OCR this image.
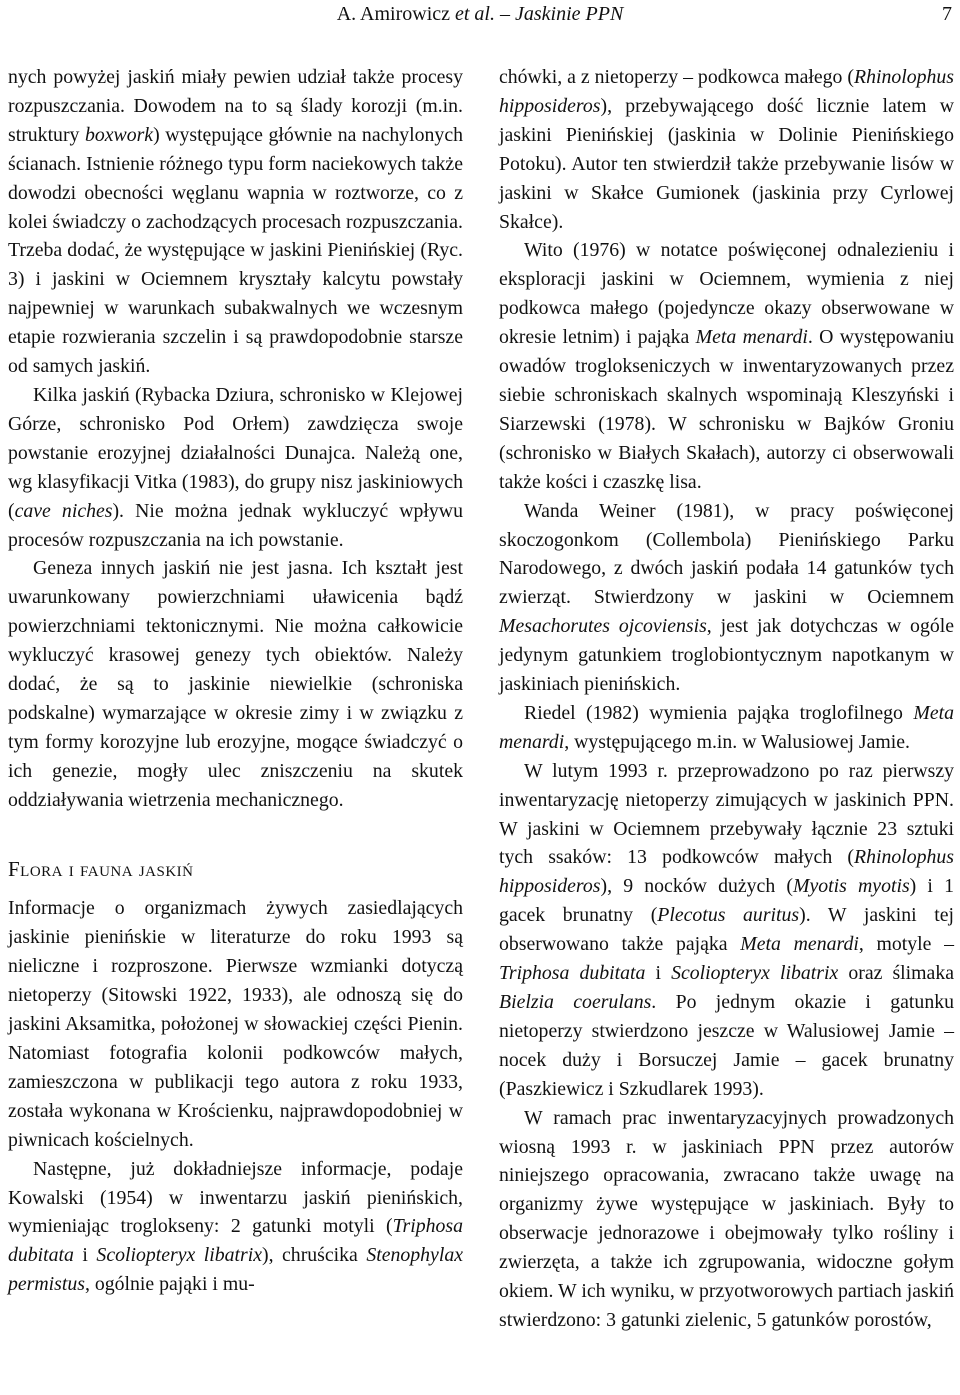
A. Amirowicz et al. – Jaskinie PPN	7

nych powyżej jaskiń miały pewien udział także procesy rozpuszczania. Dowodem na to są ślady korozji (m.in. struktury boxwork) występujące głównie na nachylonych ścianach. Istnienie różnego typu form naciekowych także dowodzi obecności węglanu wapnia w roztworze, co z kolei świadczy o zachodzących procesach rozpuszczania. Trzeba dodać, że występujące w jaskini Pienińskiej (Ryc. 3) i jaskini w Ociemnem kryształy kalcytu powstały najpewniej w warunkach subakwalnych we wczesnym etapie rozwierania szczelin i są prawdopodobnie starsze od samych jaskiń.

Kilka jaskiń (Rybacka Dziura, schronisko w Klejowej Górze, schronisko Pod Orłem) zawdzięcza swoje powstanie erozyjnej działalności Dunajca. Należą one, wg klasyfikacji Vitka (1983), do grupy nisz jaskiniowych (cave niches). Nie można jednak wykluczyć wpływu procesów rozpuszczania na ich powstanie.

Geneza innych jaskiń nie jest jasna. Ich kształt jest uwarunkowany powierzchniami uławicenia bądź powierzchniami tektonicznymi. Nie można całkowicie wykluczyć krasowej genezy tych obiektów. Należy dodać, że są to jaskinie niewielkie (schroniska podskalne) wymarzające w okresie zimy i w związku z tym formy korozyjne lub erozyjne, mogące świadczyć o ich genezie, mogły ulec zniszczeniu na skutek oddziaływania wietrzenia mechanicznego.

Flora i fauna jaskiń

Informacje o organizmach żywych zasiedlających jaskinie pienińskie w literaturze do roku 1993 są nieliczne i rozproszone. Pierwsze wzmianki dotyczą nietoperzy (Sitowski 1922, 1933), ale odnoszą się do jaskini Aksamitka, położonej w słowackiej części Pienin. Natomiast fotografia kolonii podkowców małych, zamieszczona w publikacji tego autora z roku 1933, została wykonana w Krościenku, najprawdopodobniej w piwnicach kościelnych.

Następne, już dokładniejsze informacje, podaje Kowalski (1954) w inwentarzu jaskiń pienińskich, wymieniając troglokseny: 2 gatunki motyli (Triphosa dubitata i Scoliopteryx libatrix), chruścika Stenophylax permistus, ogólnie pająki i mu-

chówki, a z nietoperzy – podkowca małego (Rhinolophus hipposideros), przebywającego dość licznie latem w jaskini Pienińskiej (jaskinia w Dolinie Pienińskiego Potoku). Autor ten stwierdził także przebywanie lisów w jaskini w Skałce Gumionek (jaskinia przy Cyrlowej Skałce).

Wito (1976) w notatce poświęconej odnalezieniu i eksploracji jaskini w Ociemnem, wymienia z niej podkowca małego (pojedyncze okazy obserwowane w okresie letnim) i pająka Meta menardi. O występowaniu owadów troglokseniczych w inwentaryzowanych przez siebie schroniskach skalnych wspominają Kleszyński i Siarzewski (1978). W schronisku w Bajków Groniu (schronisko w Białych Skałach), autorzy ci obserwowali także kości i czaszkę lisa.

Wanda Weiner (1981), w pracy poświęconej skoczogonkom (Collembola) Pienińskiego Parku Narodowego, z dwóch jaskiń podała 14 gatunków tych zwierząt. Stwierdzony w jaskini w Ociemnem Mesachorutes ojcoviensis, jest jak dotychczas w ogóle jedynym gatunkiem troglobiontycznym napotkanym w jaskiniach pienińskich.

Riedel (1982) wymienia pająka troglofilnego Meta menardi, występującego m.in. w Walusiowej Jamie.

W lutym 1993 r. przeprowadzono po raz pierwszy inwentaryzację nietoperzy zimujących w jaskinich PPN. W jaskini w Ociemnem przebywały łącznie 23 sztuki tych ssaków: 13 podkowców małych (Rhinolophus hipposideros), 9 nocków dużych (Myotis myotis) i 1 gacek brunatny (Plecotus auritus). W jaskini tej obserwowano także pająka Meta menardi, motyle – Triphosa dubitata i Scoliopteryx libatrix oraz ślimaka Bielzia coerulans. Po jednym okazie i gatunku nietoperzy stwierdzono jeszcze w Walusiowej Jamie – nocek duży i Borsuczej Jamie – gacek brunatny (Paszkiewicz i Szkudlarek 1993).

W ramach prac inwentaryzacyjnych prowadzonych wiosną 1993 r. w jaskiniach PPN przez autorów niniejszego opracowania, zwracano także uwagę na organizmy żywe występujące w jaskiniach. Były to obserwacje jednorazowe i obejmowały tylko rośliny i zwierzęta, a także ich zgrupowania, widoczne gołym okiem. W ich wyniku, w przyotworowych partiach jaskiń stwierdzono: 3 gatunki zielenic, 5 gatunków porostów,
